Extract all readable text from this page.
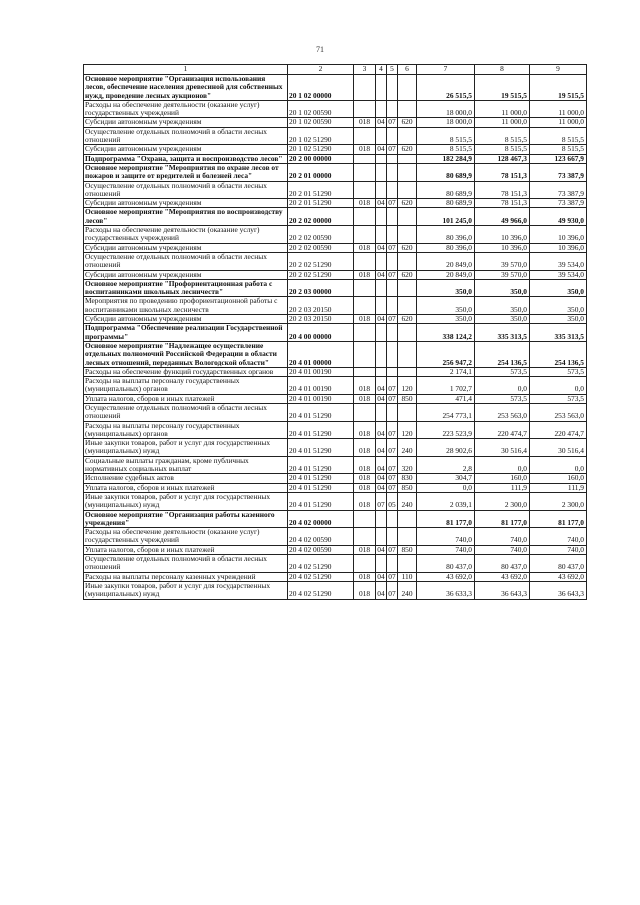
71
1	2	3	4	5	6	7	8	9
Основное мероприятие "Организация использования лесов, обеспечение населения древесиной для собственных нужд, проведение лесных аукционов"	20 1 02 00000					26 515,5	19 515,5	19 515,5
Расходы на обеспечение деятельности (оказание услуг) государственных учреждений	20 1 02 00590					18 000,0	11 000,0	11 000,0
Субсидии автономным учреждениям	20 1 02 00590	018	04	07	620	18 000,0	11 000,0	11 000,0
Осуществление отдельных полномочий в области лесных отношений	20 1 02 51290					8 515,5	8 515,5	8 515,5
Субсидии автономным учреждениям	20 1 02 51290	018	04	07	620	8 515,5	8 515,5	8 515,5
Подпрограмма "Охрана, защита и воспроизводство лесов"	20 2 00 00000					182 284,9	128 467,3	123 667,9
Основное мероприятие "Мероприятия по охране лесов от пожаров и защите от вредителей и болезней леса"	20 2 01 00000					80 689,9	78 151,3	73 387,9
Осуществление отдельных полномочий в области лесных отношений	20 2 01 51290					80 689,9	78 151,3	73 387,9
Субсидии автономным учреждениям	20 2 01 51290	018	04	07	620	80 689,9	78 151,3	73 387,9
Основное мероприятие "Мероприятия по воспроизводству лесов"	20 2 02 00000					101 245,0	49 966,0	49 930,0
Расходы на обеспечение деятельности (оказание услуг) государственных учреждений	20 2 02 00590					80 396,0	10 396,0	10 396,0
Субсидии автономным учреждениям	20 2 02 00590	018	04	07	620	80 396,0	10 396,0	10 396,0
Осуществление отдельных полномочий в области лесных отношений	20 2 02 51290					20 849,0	39 570,0	39 534,0
Субсидии автономным учреждениям	20 2 02 51290	018	04	07	620	20 849,0	39 570,0	39 534,0
Основное мероприятие "Профориентационная работа с воспитанниками школьных лесничеств"	20 2 03 00000					350,0	350,0	350,0
Мероприятия по проведению профориентационной работы с воспитанниками школьных лесничеств	20 2 03 20150					350,0	350,0	350,0
Субсидии автономным учреждениям	20 2 03 20150	018	04	07	620	350,0	350,0	350,0
Подпрограмма "Обеспечение реализации Государственной программы"	20 4 00 00000					338 124,2	335 313,5	335 313,5
Основное мероприятие "Надлежащее осуществление отдельных полномочий Российской Федерации в области лесных отношений, переданных Вологодской области"	20 4 01 00000					256 947,2	254 136,5	254 136,5
Расходы на обеспечение функций государственных органов	20 4 01 00190					2 174,1	573,5	573,5
Расходы на выплаты персоналу государственных (муниципальных) органов	20 4 01 00190	018	04	07	120	1 702,7	0,0	0,0
Уплата налогов, сборов и иных платежей	20 4 01 00190	018	04	07	850	471,4	573,5	573,5
Осуществление отдельных полномочий в области лесных отношений	20 4 01 51290					254 773,1	253 563,0	253 563,0
Расходы на выплаты персоналу государственных (муниципальных) органов	20 4 01 51290	018	04	07	120	223 523,9	220 474,7	220 474,7
Иные закупки товаров, работ и услуг для государственных (муниципальных) нужд	20 4 01 51290	018	04	07	240	28 902,6	30 516,4	30 516,4
Социальные выплаты гражданам, кроме публичных нормативных социальных выплат	20 4 01 51290	018	04	07	320	2,8	0,0	0,0
Исполнение судебных актов	20 4 01 51290	018	04	07	830	304,7	160,0	160,0
Уплата налогов, сборов и иных платежей	20 4 01 51290	018	04	07	850	0,0	111,9	111,9
Иные закупки товаров, работ и услуг для государственных (муниципальных) нужд	20 4 01 51290	018	07	05	240	2 039,1	2 300,0	2 300,0
Основное мероприятие "Организация работы казенного учреждения"	20 4 02 00000					81 177,0	81 177,0	81 177,0
Расходы на обеспечение деятельности (оказание услуг) государственных учреждений	20 4 02 00590					740,0	740,0	740,0
Уплата налогов, сборов и иных платежей	20 4 02 00590	018	04	07	850	740,0	740,0	740,0
Осуществление отдельных полномочий в области лесных отношений	20 4 02 51290					80 437,0	80 437,0	80 437,0
Расходы на выплаты персоналу казенных учреждений	20 4 02 51290	018	04	07	110	43 692,0	43 692,0	43 692,0
Иные закупки товаров, работ и услуг для государственных (муниципальных) нужд	20 4 02 51290	018	04	07	240	36 633,3	36 643,3	36 643,3
